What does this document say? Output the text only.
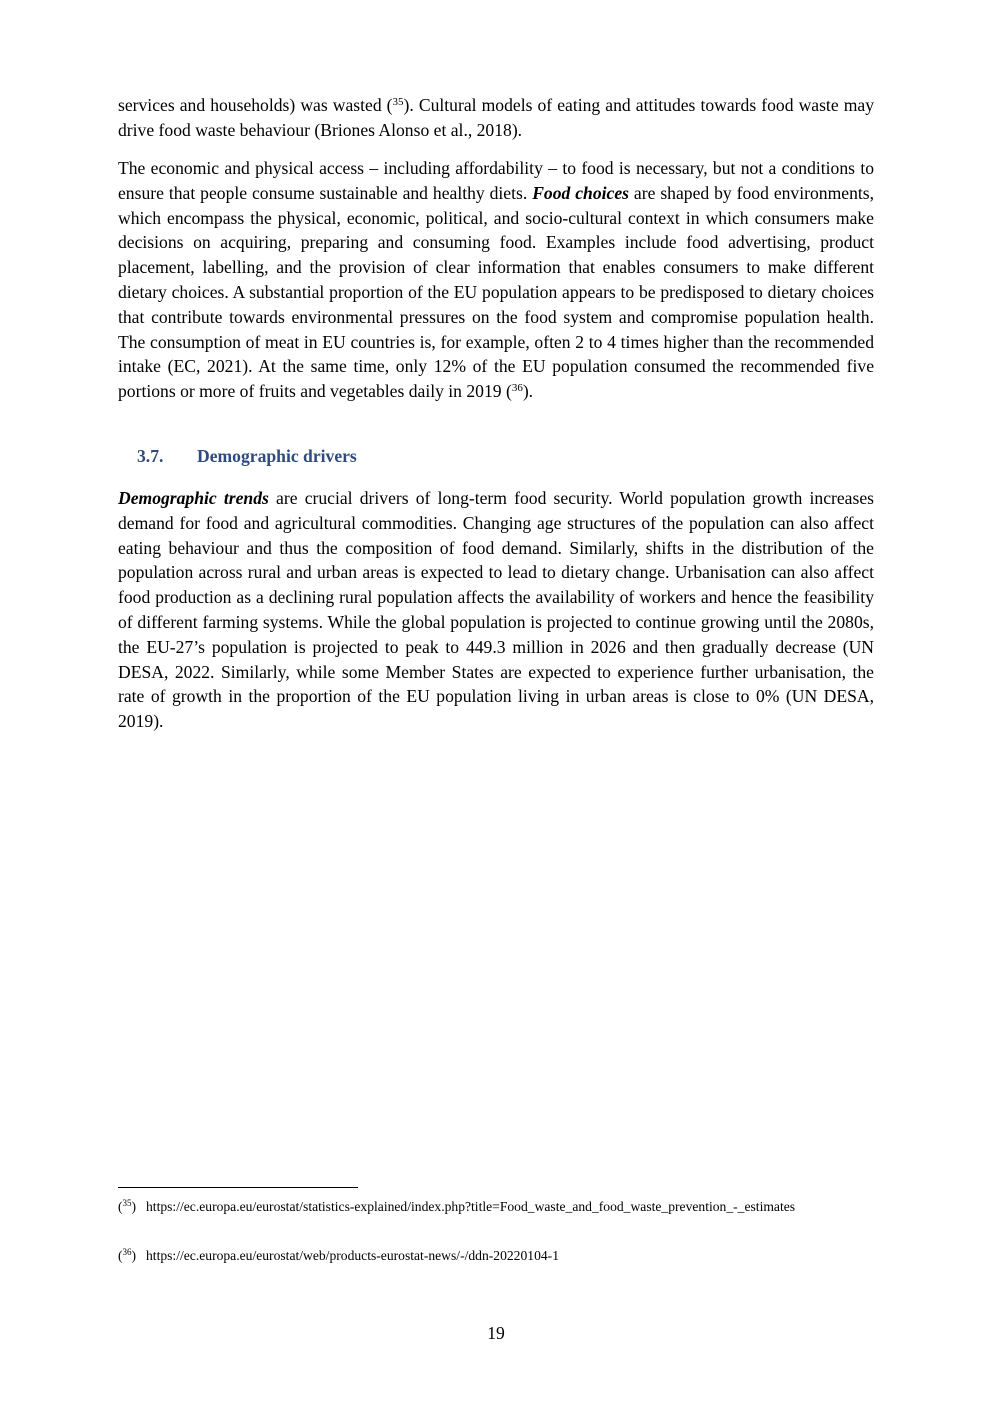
services and households) was wasted ($^{35}$). Cultural models of eating and attitudes towards food waste may drive food waste behaviour (Briones Alonso et al., 2018).

The economic and physical access – including affordability – to food is necessary, but not a conditions to ensure that people consume sustainable and healthy diets. Food choices are shaped by food environments, which encompass the physical, economic, political, and socio-cultural context in which consumers make decisions on acquiring, preparing and consuming food. Examples include food advertising, product placement, labelling, and the provision of clear information that enables consumers to make different dietary choices. A substantial proportion of the EU population appears to be predisposed to dietary choices that contribute towards environmental pressures on the food system and compromise population health. The consumption of meat in EU countries is, for example, often 2 to 4 times higher than the recommended intake (EC, 2021). At the same time, only 12% of the EU population consumed the recommended five portions or more of fruits and vegetables daily in 2019 ($^{36}$).

3.7. Demographic drivers

Demographic trends are crucial drivers of long-term food security. World population growth increases demand for food and agricultural commodities. Changing age structures of the population can also affect eating behaviour and thus the composition of food demand. Similarly, shifts in the distribution of the population across rural and urban areas is expected to lead to dietary change. Urbanisation can also affect food production as a declining rural population affects the availability of workers and hence the feasibility of different farming systems. While the global population is projected to continue growing until the 2080s, the EU-27’s population is projected to peak to 449.3 million in 2026 and then gradually decrease (UN DESA, 2022. Similarly, while some Member States are expected to experience further urbanisation, the rate of growth in the proportion of the EU population living in urban areas is close to 0% (UN DESA, 2019).

($^{35}$) https://ec.europa.eu/eurostat/statistics-explained/index.php?title=Food_waste_and_food_waste_prevention_-_estimates

($^{36}$) https://ec.europa.eu/eurostat/web/products-eurostat-news/-/ddn-20220104-1

19
